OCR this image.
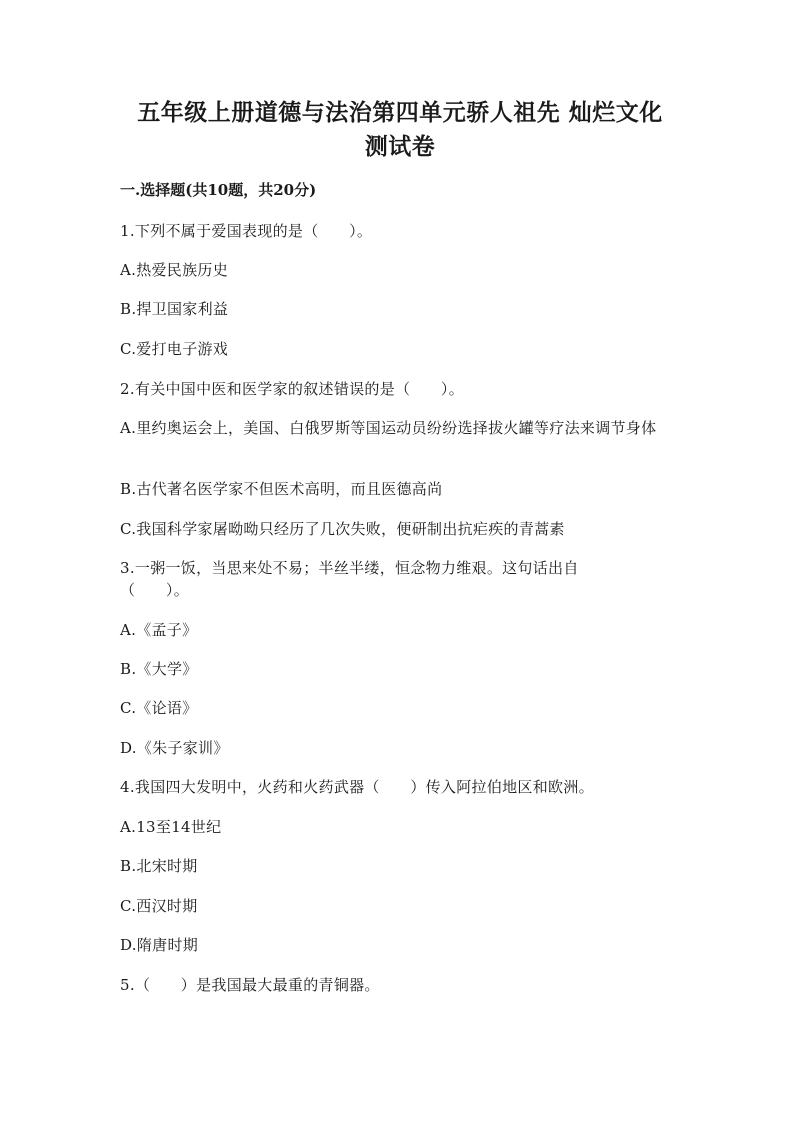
五年级上册道德与法治第四单元骄人祖先 灿烂文化
测试卷

一.选择题(共10题，共20分)

1.下列不属于爱国表现的是（　　）。

A.热爱民族历史

B.捍卫国家利益

C.爱打电子游戏

2.有关中国中医和医学家的叙述错误的是（　　）。

A.里约奥运会上，美国、白俄罗斯等国运动员纷纷选择拔火罐等疗法来调节身体

B.古代著名医学家不但医术高明，而且医德高尚

C.我国科学家屠呦呦只经历了几次失败，便研制出抗疟疾的青蒿素

3.一粥一饭，当思来处不易；半丝半缕，恒念物力维艰。这句话出自（　　）。

A.《孟子》

B.《大学》

C.《论语》

D.《朱子家训》

4.我国四大发明中，火药和火药武器（　　）传入阿拉伯地区和欧洲。

A.13至14世纪

B.北宋时期

C.西汉时期

D.隋唐时期

5.（　　）是我国最大最重的青铜器。
